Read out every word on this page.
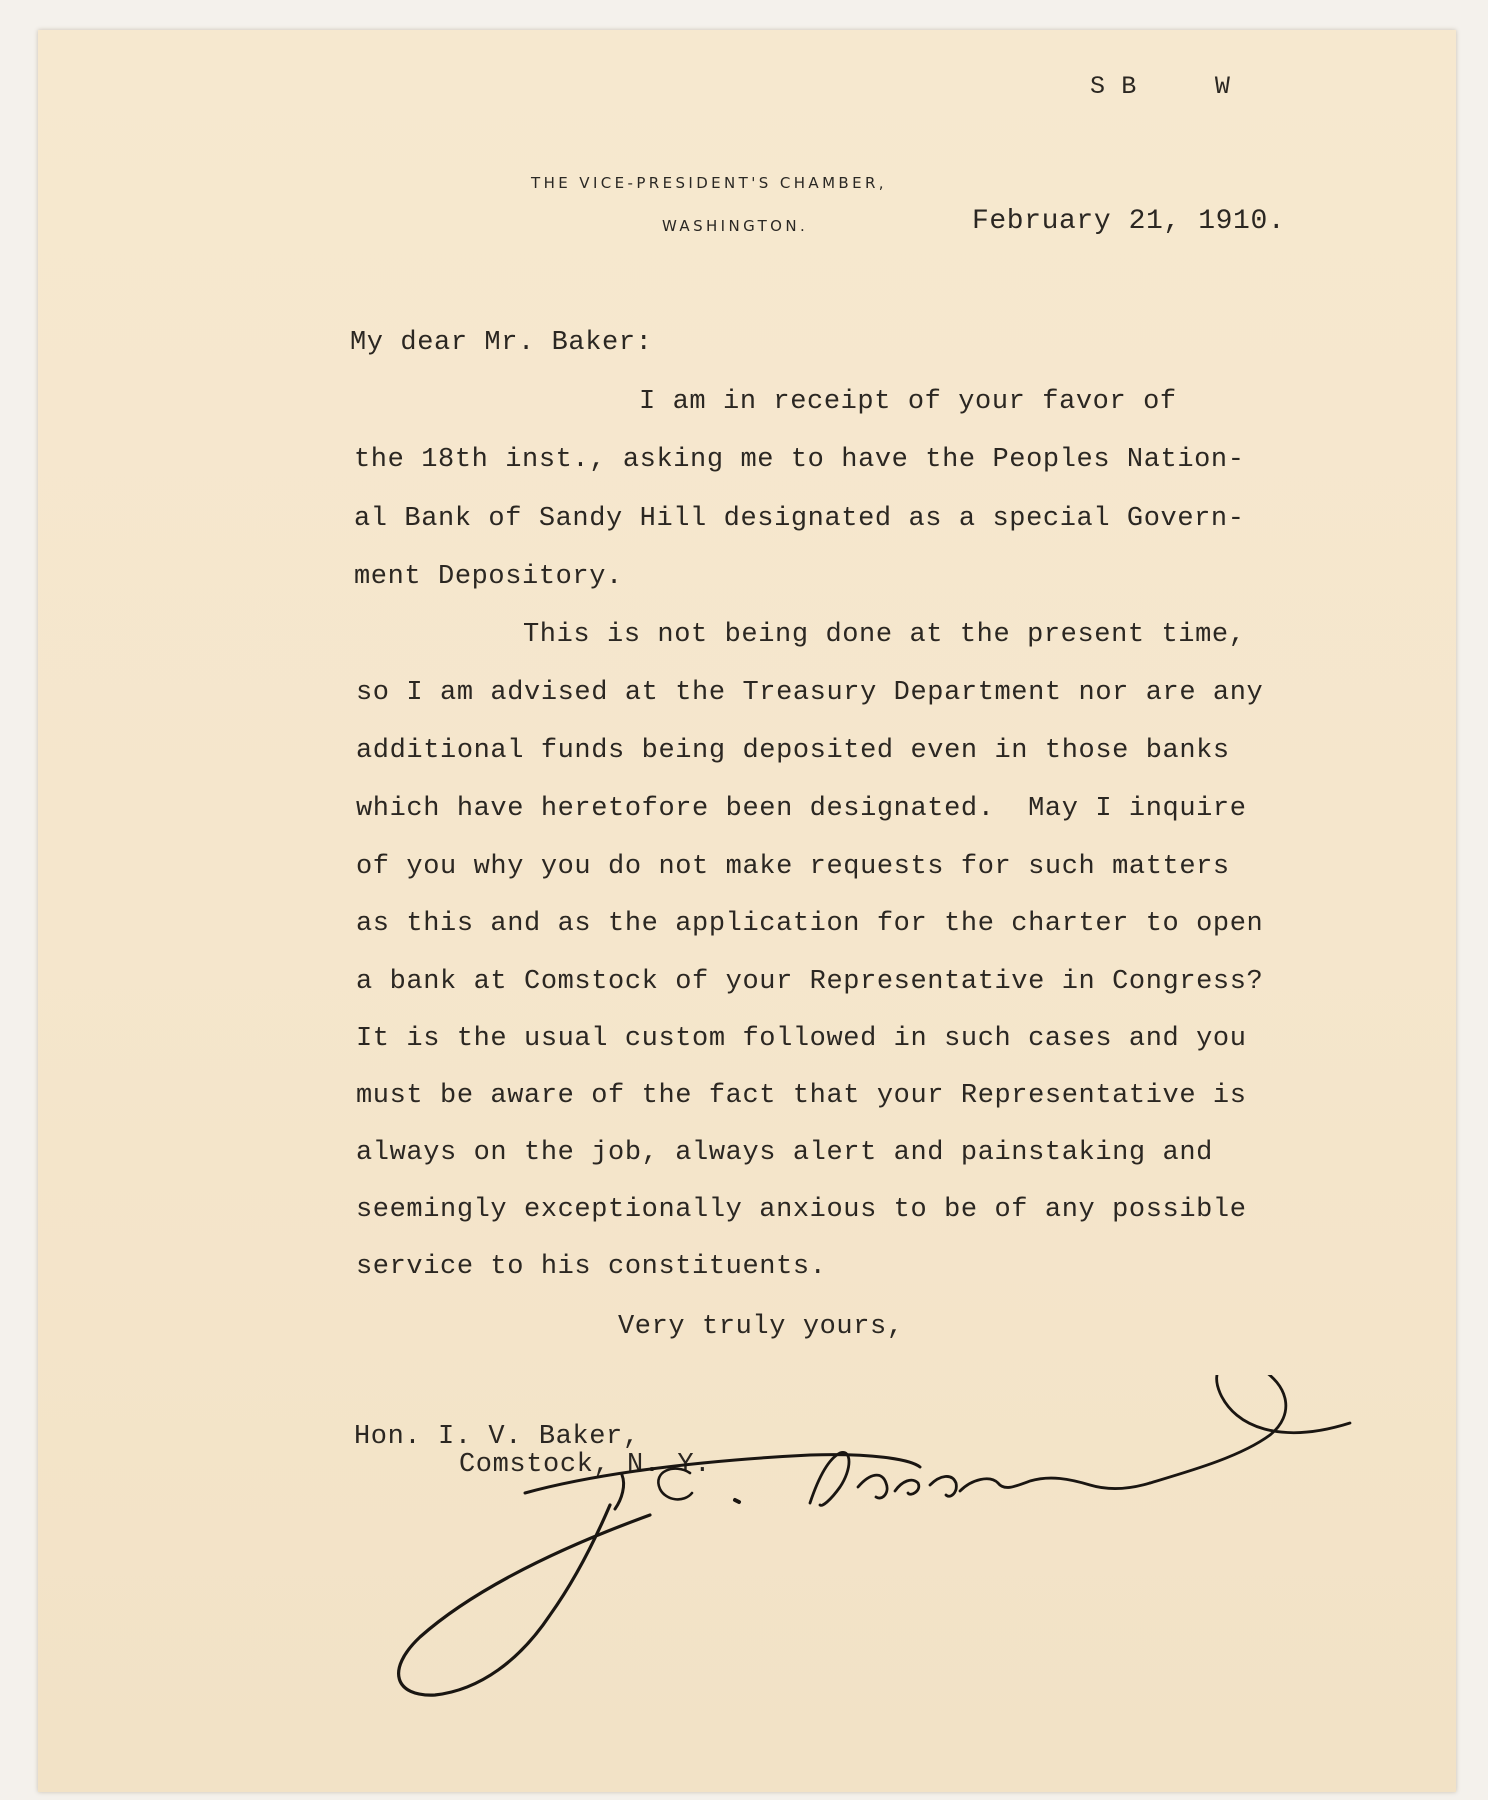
S B     W
THE VICE-PRESIDENT'S CHAMBER,
WASHINGTON.	February 21, 1910.
My dear Mr. Baker:
I am in receipt of your favor of
the 18th inst., asking me to have the Peoples Nation-
al Bank of Sandy Hill designated as a special Govern-
ment Depository.
This is not being done at the present time,
so I am advised at the Treasury Department nor are any
additional funds being deposited even in those banks
which have heretofore been designated.  May I inquire
of you why you do not make requests for such matters
as this and as the application for the charter to open
a bank at Comstock of your Representative in Congress?
It is the usual custom followed in such cases and you
must be aware of the fact that your Representative is
always on the job, always alert and painstaking and
seemingly exceptionally anxious to be of any possible
service to his constituents.
Very truly yours,
Hon. I. V. Baker,
Comstock, N. Y.
